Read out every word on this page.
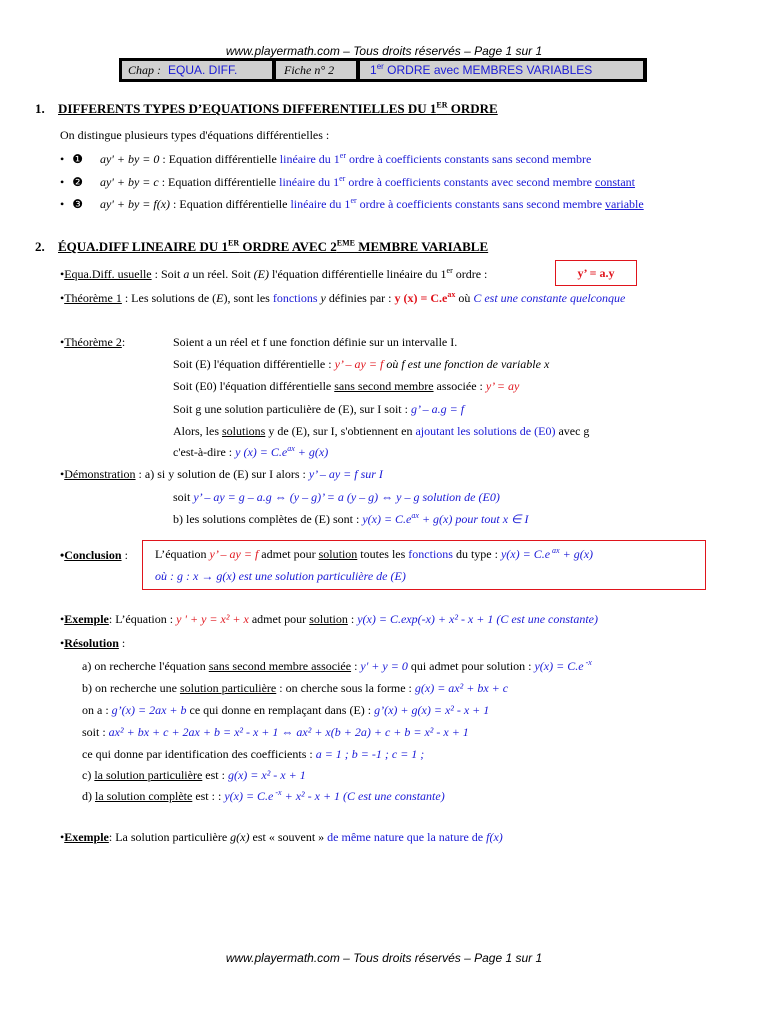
www.playermath.com – Tous droits réservés – Page 1 sur 1
Chap : EQUA. DIFF.	Fiche n° 2	1er ORDRE avec MEMBRES VARIABLES
1. DIFFERENTS TYPES D’EQUATIONS DIFFERENTIELLES DU 1ER ORDRE
On distingue plusieurs types d'équations différentielles :
• ❶ ay' + by = 0 : Equation différentielle linéaire du 1er ordre à coefficients constants sans second membre
• ❷ ay' + by = c : Equation différentielle linéaire du 1er ordre à coefficients constants avec second membre constant
• ❸ ay' + by = f(x) : Equation différentielle linéaire du 1er ordre à coefficients constants sans second membre variable
2. ÉQUA.DIFF LINEAIRE DU 1ER ORDRE AVEC 2EME MEMBRE VARIABLE
•Equa.Diff. usuelle : Soit a un réel. Soit (E) l'équation différentielle linéaire du 1er ordre :	y’ = a.y
•Théorème 1 : Les solutions de (E), sont les fonctions y définies par : y $(x) = C.e^{ax}$ où C est une constante quelconque
•Théorème 2:	Soient a un réel et f une fonction définie sur un intervalle I.
Soit (E) l'équation différentielle : y’ – ay = f où f est une fonction de variable x
Soit (E0) l'équation différentielle sans second membre associée : y’ = ay
Soit g une solution particulière de (E), sur I soit : g’ – a.g = f
Alors, les solutions y de (E), sur I, s'obtiennent en ajoutant les solutions de (E0) avec g
c'est-à-dire : y $(x) = C.e^{ax} + g(x)$
•Démonstration : a) si y solution de (E) sur I alors : y’ – ay = f sur I
soit y’ – ay = g – a.g ⇔ (y – g)’ = a (y – g) ⇔ y – g solution de (E0)
b) les solutions complètes de (E) sont : $y(x) = C.e^{ax} + g(x)$ pour tout x ∈ I
•Conclusion : L’équation y’ – ay = f admet pour solution toutes les fonctions du type : y(x) = C.e $^{ax}$ + g(x)
où : g : x → g(x) est une solution particulière de (E)
•Exemple: L’équation : y ' + y = x² + x admet pour solution : y(x) = C.exp(-x) + x² - x + 1 (C est une constante)
•Résolution :
a) on recherche l'équation sans second membre associée : y' + y = 0 qui admet pour solution : y(x) = C.e $^{-x}$
b) on recherche une solution particulière : on cherche sous la forme : g(x) = ax² + bx + c
on a : g’(x) = 2ax + b ce qui donne en remplaçant dans (E) : g’(x) + g(x) = x² - x + 1
soit : ax² + bx + c + 2ax + b = x² - x + 1 ⇔ ax² + x(b + 2a) + c + b = x² - x + 1
ce qui donne par identification des coefficients : a = 1 ; b = -1 ; c = 1 ;
c) la solution particulière est : g(x) = x² - x + 1
d) la solution complète est : : y(x) = C.e $^{-x}$ + x² - x + 1 (C est une constante)
•Exemple: La solution particulière g(x) est « souvent » de même nature que la nature de f(x)
www.playermath.com – Tous droits réservés – Page 1 sur 1
